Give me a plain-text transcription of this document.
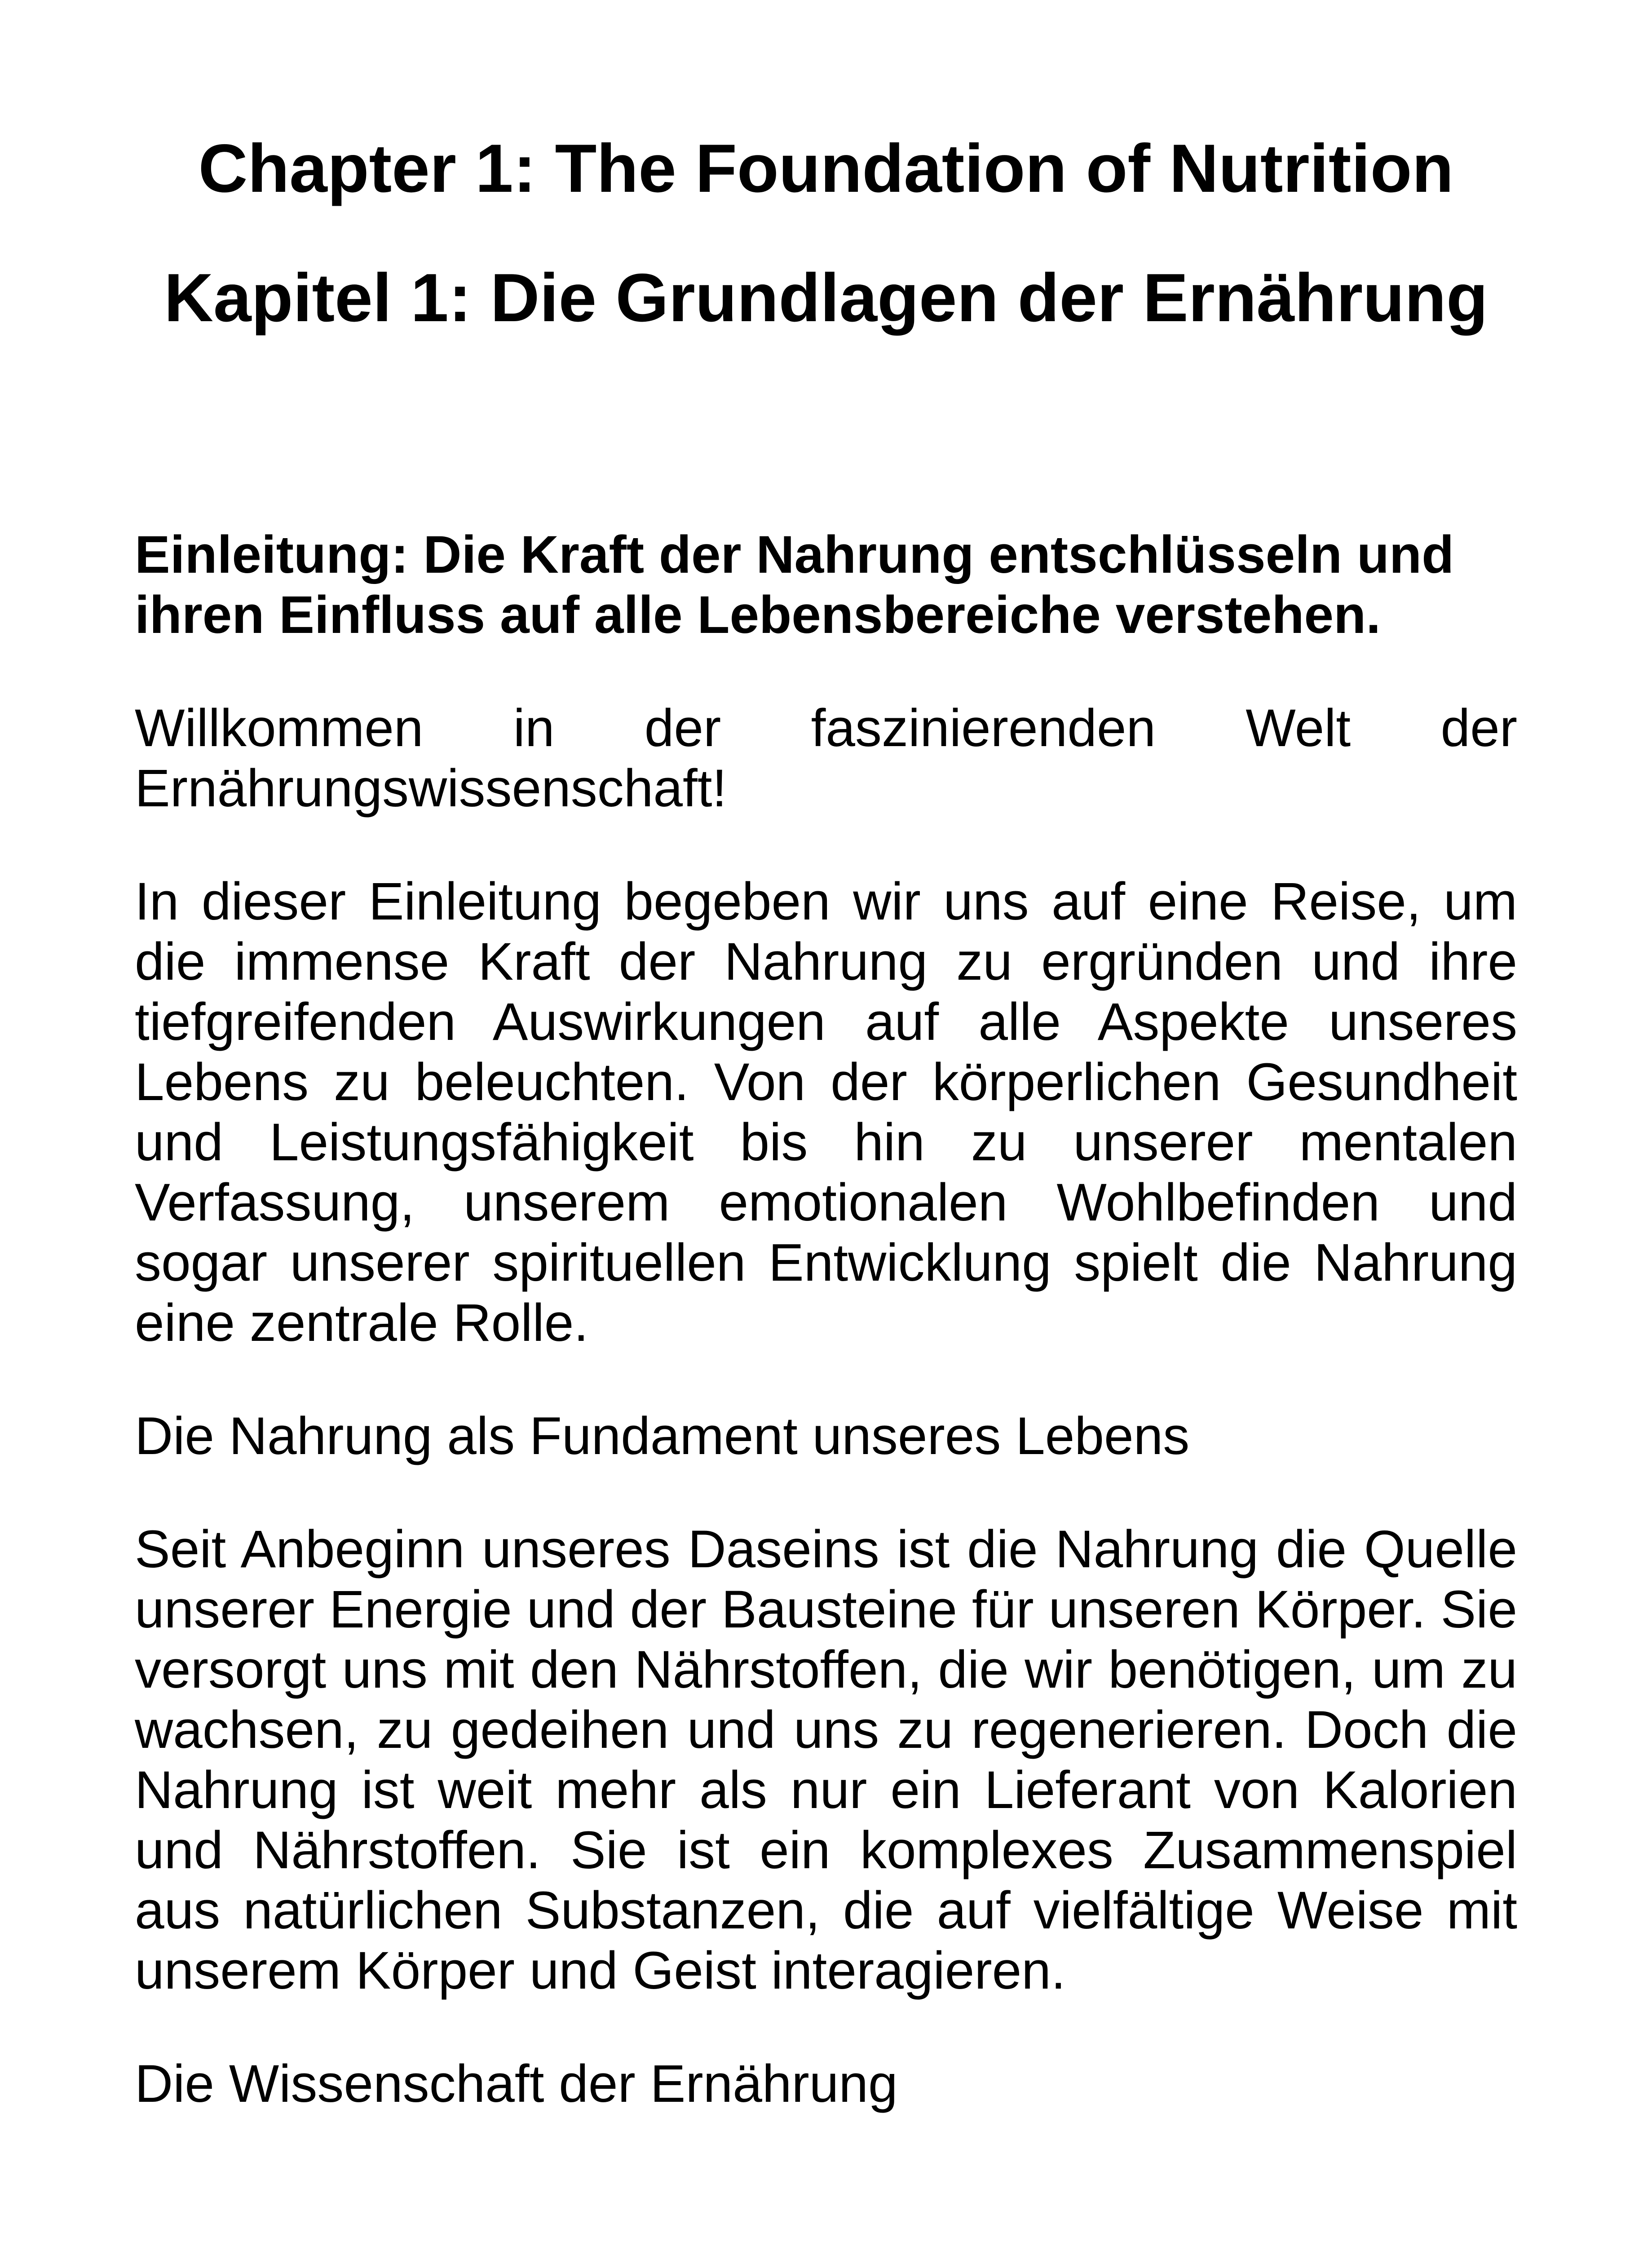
Chapter 1: The Foundation of Nutrition
Kapitel 1: Die Grundlagen der Ernährung

Einleitung: Die Kraft der Nahrung entschlüsseln und ihren Einfluss auf alle Lebensbereiche verstehen.

Willkommen in der faszinierenden Welt der Ernährungswissenschaft!

In dieser Einleitung begeben wir uns auf eine Reise, um die immense Kraft der Nahrung zu ergründen und ihre tiefgreifenden Auswirkungen auf alle Aspekte unseres Lebens zu beleuchten. Von der körperlichen Gesundheit und Leistungsfähigkeit bis hin zu unserer mentalen Verfassung, unserem emotionalen Wohlbefinden und sogar unserer spirituellen Entwicklung spielt die Nahrung eine zentrale Rolle.

Die Nahrung als Fundament unseres Lebens

Seit Anbeginn unseres Daseins ist die Nahrung die Quelle unserer Energie und der Bausteine für unseren Körper. Sie versorgt uns mit den Nährstoffen, die wir benötigen, um zu wachsen, zu gedeihen und uns zu regenerieren. Doch die Nahrung ist weit mehr als nur ein Lieferant von Kalorien und Nährstoffen. Sie ist ein komplexes Zusammenspiel aus natürlichen Substanzen, die auf vielfältige Weise mit unserem Körper und Geist interagieren.

Die Wissenschaft der Ernährung
